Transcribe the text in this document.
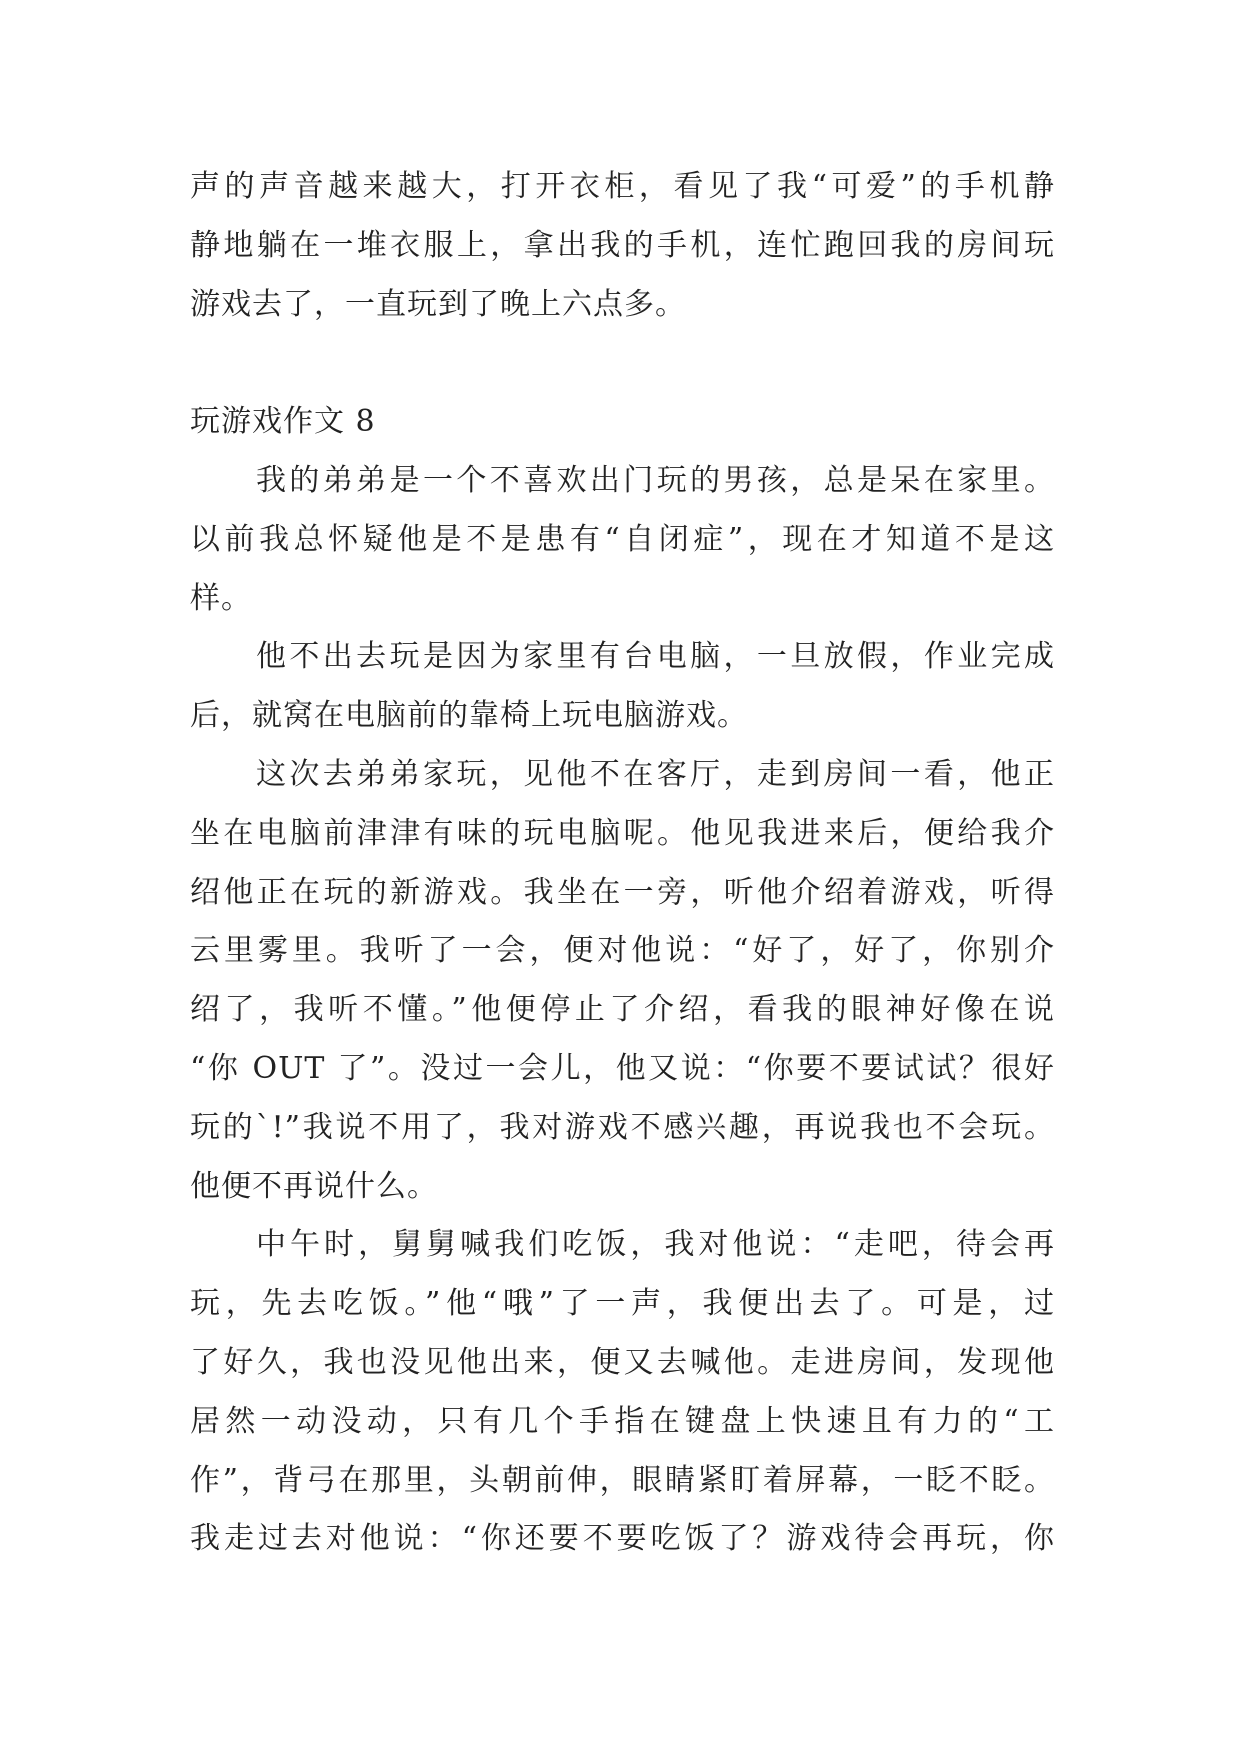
声的声音越来越大，打开衣柜，看见了我“可爱”的手机静
静地躺在一堆衣服上，拿出我的手机，连忙跑回我的房间玩
游戏去了，一直玩到了晚上六点多。
玩游戏作文 8
我的弟弟是一个不喜欢出门玩的男孩，总是呆在家里。
以前我总怀疑他是不是患有“自闭症”，现在才知道不是这
样。
他不出去玩是因为家里有台电脑，一旦放假，作业完成
后，就窝在电脑前的靠椅上玩电脑游戏。
这次去弟弟家玩，见他不在客厅，走到房间一看，他正
坐在电脑前津津有味的玩电脑呢。他见我进来后，便给我介
绍他正在玩的新游戏。我坐在一旁，听他介绍着游戏，听得
云里雾里。我听了一会，便对他说：“好了，好了，你别介
绍了，我听不懂。”他便停止了介绍，看我的眼神好像在说
“你 OUT 了”。没过一会儿，他又说：“你要不要试试？很好
玩的`!”我说不用了，我对游戏不感兴趣，再说我也不会玩。
他便不再说什么。
中午时，舅舅喊我们吃饭，我对他说：“走吧，待会再
玩，先去吃饭。”他“哦”了一声，我便出去了。可是，过
了好久，我也没见他出来，便又去喊他。走进房间，发现他
居然一动没动，只有几个手指在键盘上快速且有力的“工
作”，背弓在那里，头朝前伸，眼睛紧盯着屏幕，一眨不眨。
我走过去对他说：“你还要不要吃饭了？游戏待会再玩，你
